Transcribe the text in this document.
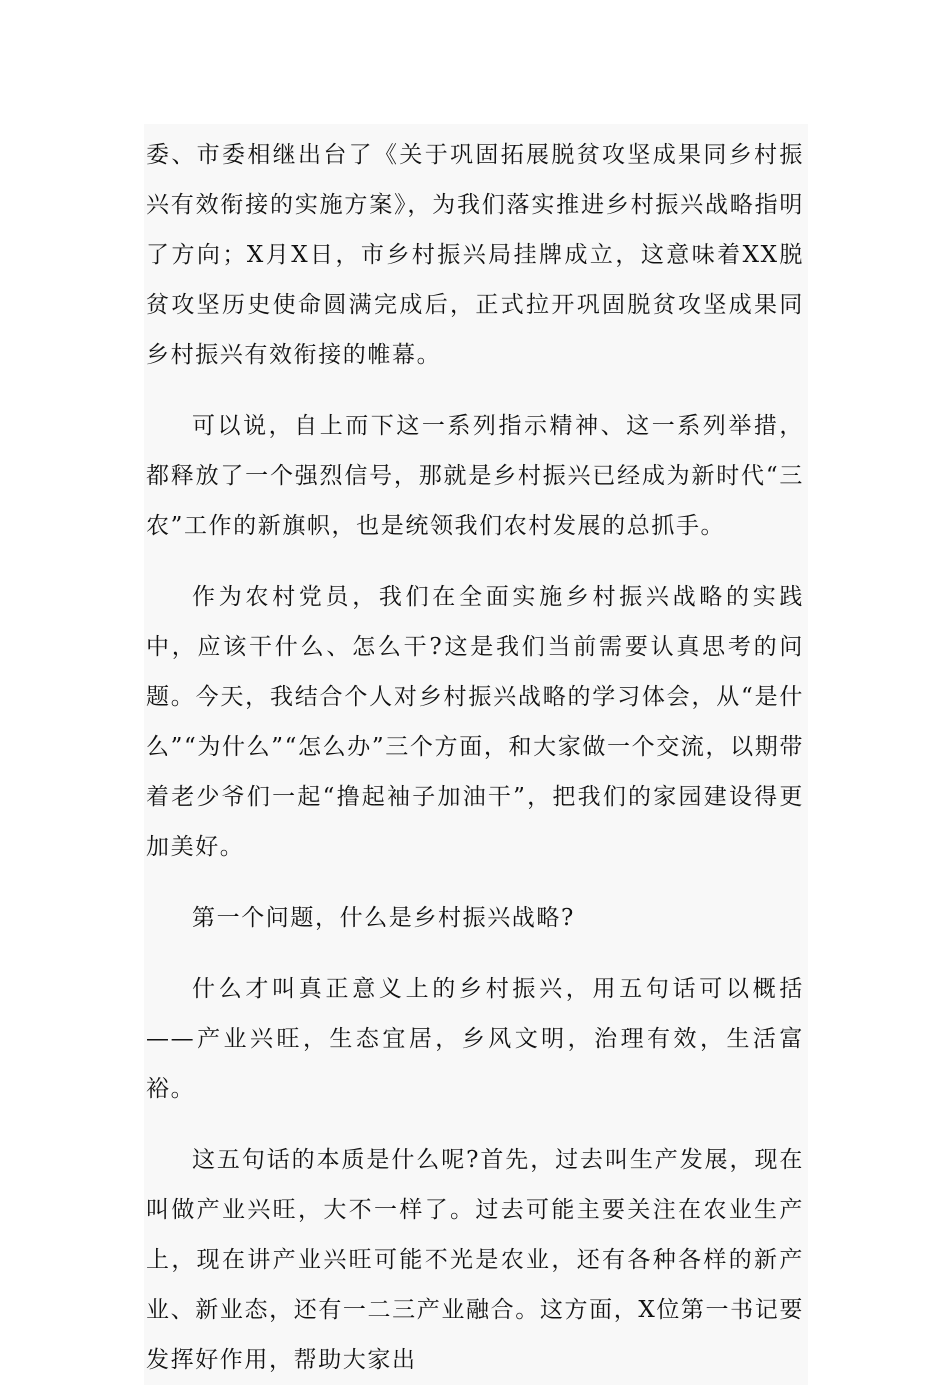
委、市委相继出台了《关于巩固拓展脱贫攻坚成果同乡村振兴有效衔接的实施方案》，为我们落实推进乡村振兴战略指明了方向；X月X日，市乡村振兴局挂牌成立，这意味着XX脱贫攻坚历史使命圆满完成后，正式拉开巩固脱贫攻坚成果同乡村振兴有效衔接的帷幕。

可以说，自上而下这一系列指示精神、这一系列举措，都释放了一个强烈信号，那就是乡村振兴已经成为新时代“三农”工作的新旗帜，也是统领我们农村发展的总抓手。

作为农村党员，我们在全面实施乡村振兴战略的实践中，应该干什么、怎么干?这是我们当前需要认真思考的问题。今天，我结合个人对乡村振兴战略的学习体会，从“是什么”“为什么”“怎么办”三个方面，和大家做一个交流，以期带着老少爷们一起“撸起袖子加油干”，把我们的家园建设得更加美好。

第一个问题，什么是乡村振兴战略?

什么才叫真正意义上的乡村振兴，用五句话可以概括——产业兴旺，生态宜居，乡风文明，治理有效，生活富裕。

这五句话的本质是什么呢?首先，过去叫生产发展，现在叫做产业兴旺，大不一样了。过去可能主要关注在农业生产上，现在讲产业兴旺可能不光是农业，还有各种各样的新产业、新业态，还有一二三产业融合。这方面，X位第一书记要发挥好作用，帮助大家出
